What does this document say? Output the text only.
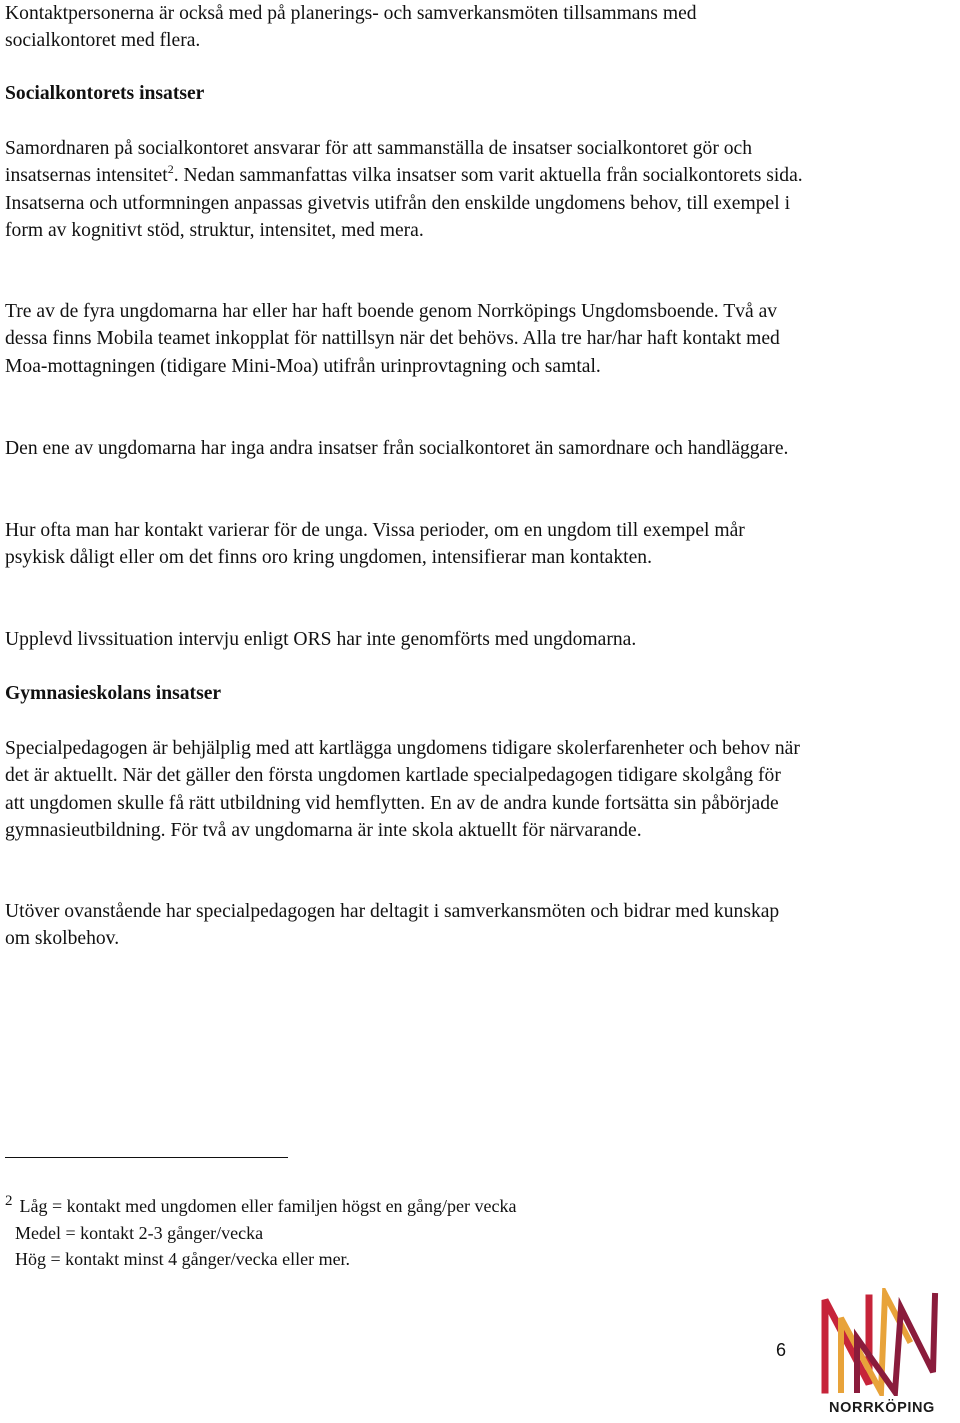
Kontaktpersonerna är också med på planerings- och samverkansmöten tillsammans med socialkontoret med flera.

Socialkontorets insatser

Samordnaren på socialkontoret ansvarar för att sammanställa de insatser socialkontoret gör och insatsernas intensitet$^2$. Nedan sammanfattas vilka insatser som varit aktuella från socialkontorets sida. Insatserna och utformningen anpassas givetvis utifrån den enskilde ungdomens behov, till exempel i form av kognitivt stöd, struktur, intensitet, med mera.

Tre av de fyra ungdomarna har eller har haft boende genom Norrköpings Ungdomsboende. Två av dessa finns Mobila teamet inkopplat för nattillsyn när det behövs. Alla tre har/har haft kontakt med Moa-mottagningen (tidigare Mini-Moa) utifrån urinprovtagning och samtal.

Den ene av ungdomarna har inga andra insatser från socialkontoret än samordnare och handläggare.

Hur ofta man har kontakt varierar för de unga. Vissa perioder, om en ungdom till exempel mår psykisk dåligt eller om det finns oro kring ungdomen, intensifierar man kontakten.

Upplevd livssituation intervju enligt ORS har inte genomförts med ungdomarna.

Gymnasieskolans insatser

Specialpedagogen är behjälplig med att kartlägga ungdomens tidigare skolerfarenheter och behov när det är aktuellt. När det gäller den första ungdomen kartlade specialpedagogen tidigare skolgång för att ungdomen skulle få rätt utbildning vid hemflytten. En av de andra kunde fortsätta sin påbörjade gymnasieutbildning. För två av ungdomarna är inte skola aktuellt för närvarande.

Utöver ovanstående har specialpedagogen har deltagit i samverkansmöten och bidrar med kunskap om skolbehov.

$^2$ Låg = kontakt med ungdomen eller familjen högst en gång/per vecka
Medel = kontakt 2-3 gånger/vecka
Hög = kontakt minst 4 gånger/vecka eller mer.
6
NORRKÖPING
